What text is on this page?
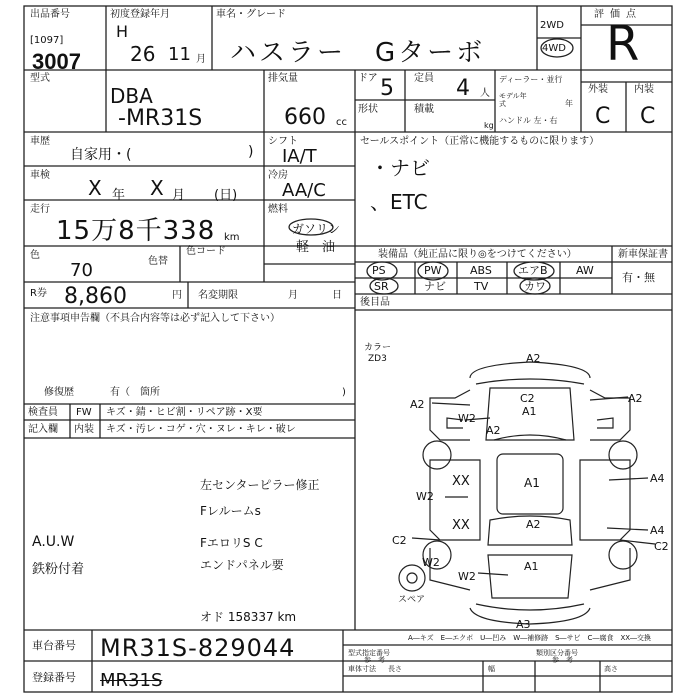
出品番号
[1097]
3007
初度登録年月
H
26 11 月
車名・グレード
ハスラー　Gターボ
2WD
4WD
評価点
R
型式
DBA
-MR31S
排気量
660 cc
ドア 5 定員 4 人
形状	積載
kg
ディーラー・並行
モデル年式	年
ハンドル 左・右
外装	内装
C C
車歴
自家用・(	)
シフト
IA/T
車検
X 年 X 月 (日)
冷房
AA/C
走行
15万8千338 km
燃料
ガソリン
軽　油
色
70	色替
色コード
R券 8,860	円 名変期限	月	日
セールスポイント（正常に機能するものに限ります）
・ナビ
、ETC
装備品（純正品に限り◎をつけてください）	新車保証書
有・無
PS	PW	ABS エアB	AW
SR	ナビ	TV	カワ
後目品
注意事項申告欄（不具合内容等は必ず記入して下さい）
修復歴	有（ 箇所	)
検査員
記入欄
FW キズ・錆・ヒビ割・リペア跡・X要
内装 キズ・汚レ・コゲ・穴・ヌレ・キレ・破レ
左センターピラー修正
Fレルームs
FエロリS C
エンドパネル要
オド 158337 km
A.U.W
鉄粉付着
カラー
ZD3
スペア
A2
A2	C2
A1
A2
W2
A2
XX	A1	A4
W2
XX	A2	A4
C2	C2
W2
A1
W2
A3
A―キズ　E―エクボ　U―凹み　W―補修跡　S―サビ　C―腐食　XX―交換
車台番号 MR31S-829044	型式指定番号
参　考
類別区分番号
参　考
登録番号 MR31S
車体寸法 長さ	幅	高さ
